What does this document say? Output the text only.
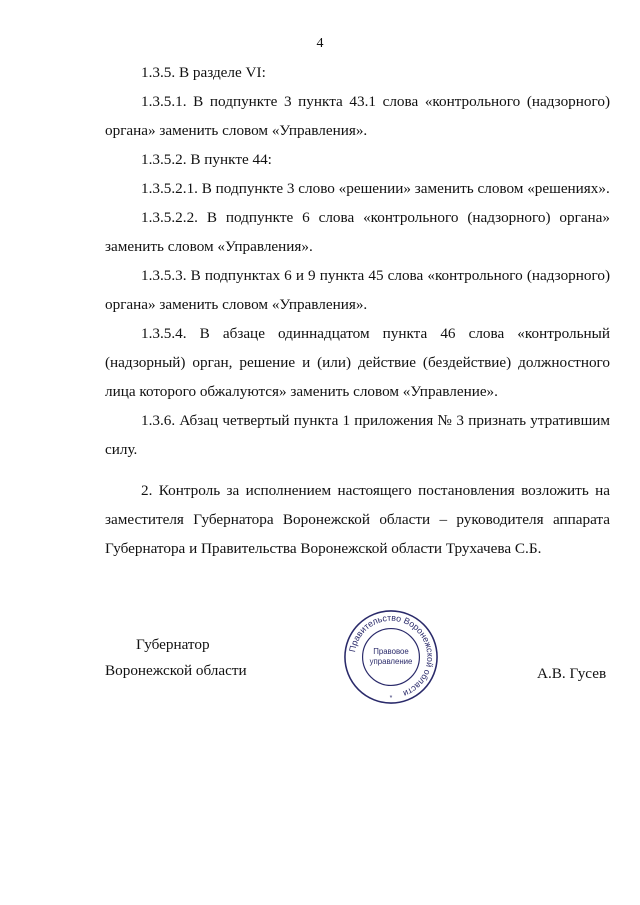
4

1.3.5. В разделе VI:

1.3.5.1. В подпункте 3 пункта 43.1 слова «контрольного (надзорного) органа» заменить словом «Управления».

1.3.5.2. В пункте 44:

1.3.5.2.1. В подпункте 3 слово «решении» заменить словом «решениях».

1.3.5.2.2. В подпункте 6 слова «контрольного (надзорного) органа» заменить словом «Управления».

1.3.5.3. В подпунктах 6 и 9 пункта 45 слова «контрольного (надзорного) органа» заменить словом «Управления».

1.3.5.4. В абзаце одиннадцатом пункта 46 слова «контрольный (надзорный) орган, решение и (или) действие (бездействие) должностного лица которого обжалуются» заменить словом «Управление».

1.3.6. Абзац четвертый пункта 1 приложения № 3 признать утратившим силу.

2. Контроль за исполнением настоящего постановления возложить на заместителя Губернатора Воронежской области – руководителя аппарата Губернатора и Правительства Воронежской области Трухачева С.Б.

Губернатор
Воронежской области
Правительство Воронежской области
Правовое
управление
*
А.В. Гусев
